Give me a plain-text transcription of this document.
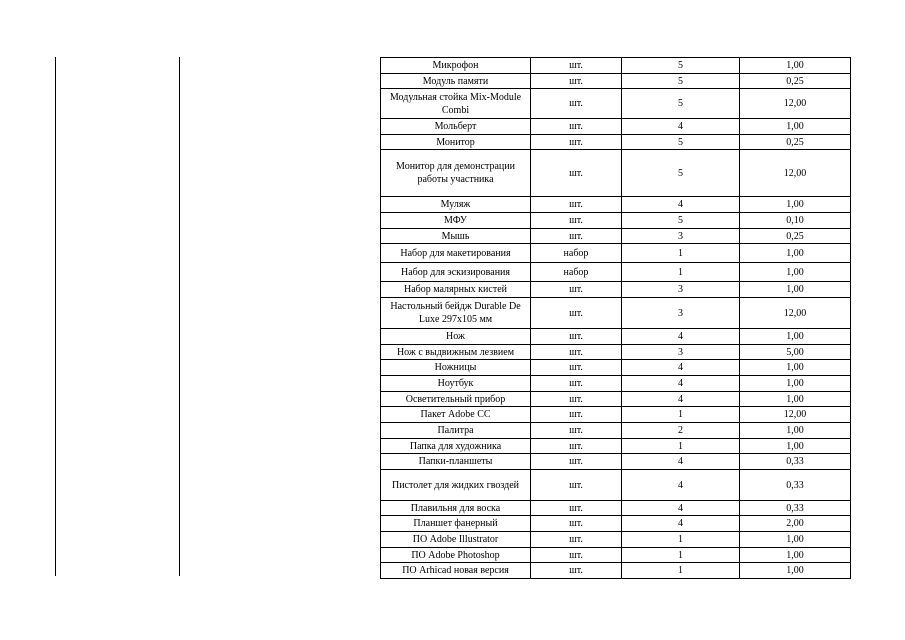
Микрофон	шт.	5	1,00
Модуль памяти	шт.	5	0,25
Модульная стойка Mix-Module Combi	шт.	5	12,00
Мольберт	шт.	4	1,00
Монитор	шт.	5	0,25
Монитор для демонстрации работы участника	шт.	5	12,00
Муляж	шт.	4	1,00
МФУ	шт.	5	0,10
Мышь	шт.	3	0,25
Набор для макетирования	набор	1	1,00
Набор для эскизирования	набор	1	1,00
Набор малярных кистей	шт.	3	1,00
Настольный бейдж Durable De Luxe 297х105 мм	шт.	3	12,00
Нож	шт.	4	1,00
Нож с выдвижным лезвием	шт.	3	5,00
Ножницы	шт.	4	1,00
Ноутбук	шт.	4	1,00
Осветительный прибор	шт.	4	1,00
Пакет Adobe CC	шт.	1	12,00
Палитра	шт.	2	1,00
Папка для художника	шт.	1	1,00
Папки-планшеты	шт.	4	0,33
Пистолет для жидких гвоздей	шт.	4	0,33
Плавильня для воска	шт.	4	0,33
Планшет фанерный	шт.	4	2,00
ПО Adobe Illustrator	шт.	1	1,00
ПО Adobe Photoshop	шт.	1	1,00
ПО Arhicad новая версия	шт.	1	1,00
